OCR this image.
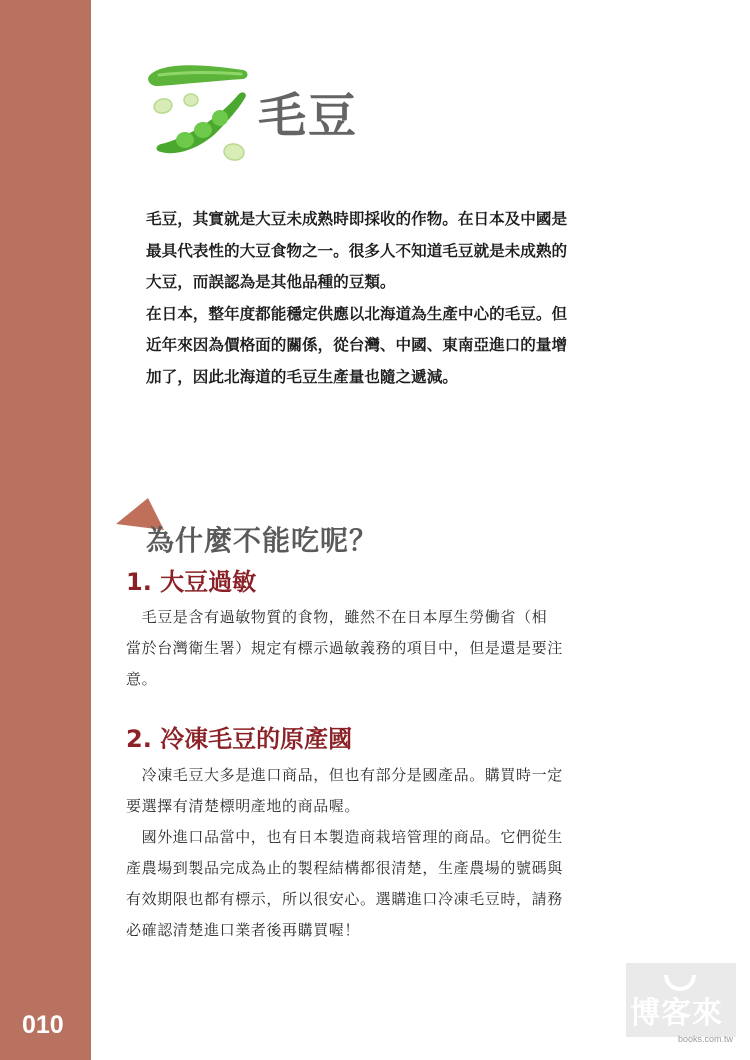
010
毛豆

毛豆，其實就是大豆未成熟時即採收的作物。在日本及中國是

最具代表性的大豆食物之一。很多人不知道毛豆就是未成熟的

大豆，而誤認為是其他品種的豆類。

在日本，整年度都能穩定供應以北海道為生產中心的毛豆。但

近年來因為價格面的關係，從台灣、中國、東南亞進口的量增

加了，因此北海道的毛豆生產量也隨之遞減。

為什麼不能吃呢？
1. 大豆過敏

　毛豆是含有過敏物質的食物，雖然不在日本厚生勞働省（相

當於台灣衛生署）規定有標示過敏義務的項目中，但是還是要注

意。

2. 冷凍毛豆的原產國

　冷凍毛豆大多是進口商品，但也有部分是國產品。購買時一定

要選擇有清楚標明產地的商品喔。

　國外進口品當中，也有日本製造商栽培管理的商品。它們從生

產農場到製品完成為止的製程結構都很清楚，生產農場的號碼與

有效期限也都有標示，所以很安心。選購進口冷凍毛豆時，請務

必確認清楚進口業者後再購買喔！

博客來
books.com.tw
